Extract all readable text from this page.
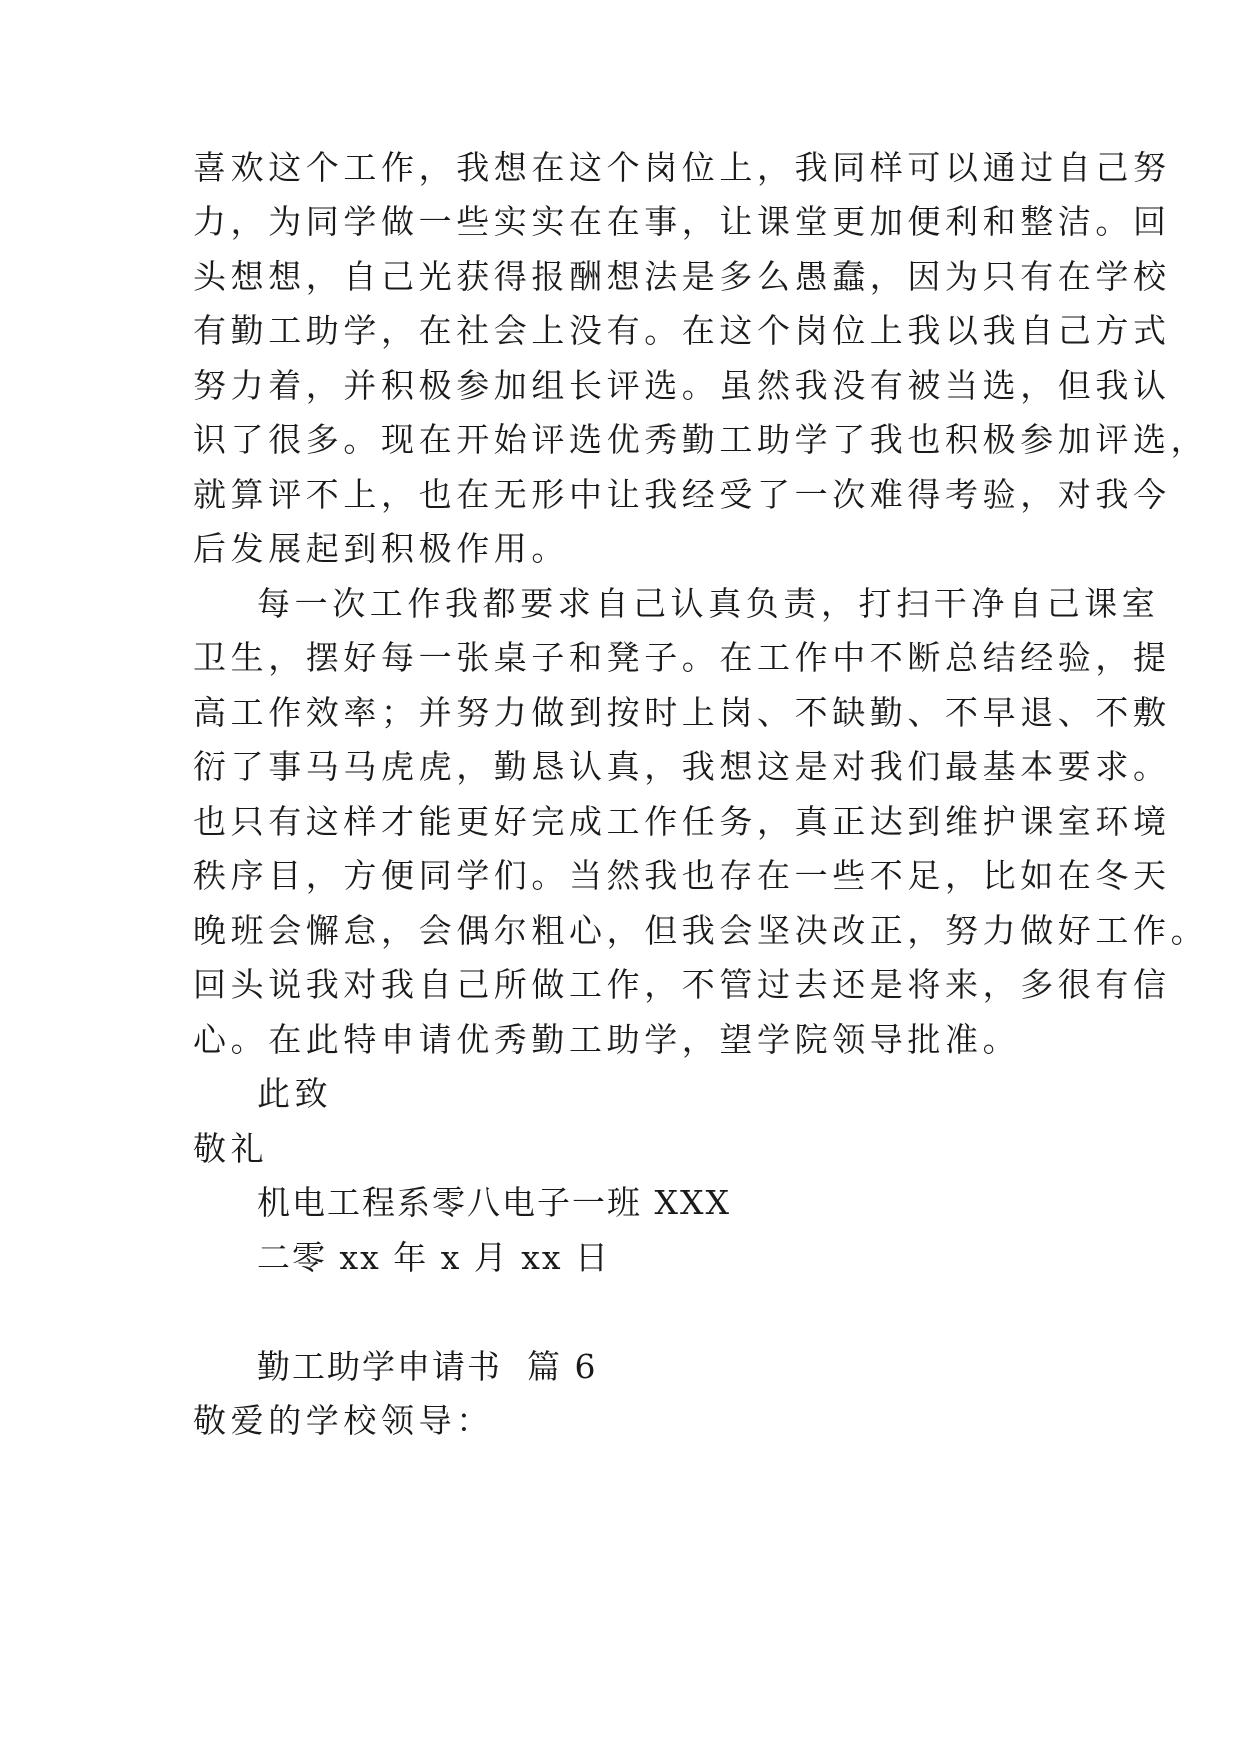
喜欢这个工作，我想在这个岗位上，我同样可以通过自己努
力，为同学做一些实实在在事，让课堂更加便利和整洁。回
头想想，自己光获得报酬想法是多么愚蠢，因为只有在学校
有勤工助学，在社会上没有。在这个岗位上我以我自己方式
努力着，并积极参加组长评选。虽然我没有被当选，但我认
识了很多。现在开始评选优秀勤工助学了我也积极参加评选，
就算评不上，也在无形中让我经受了一次难得考验，对我今
后发展起到积极作用。
每一次工作我都要求自己认真负责，打扫干净自己课室
卫生，摆好每一张桌子和凳子。在工作中不断总结经验，提
高工作效率；并努力做到按时上岗、不缺勤、不早退、不敷
衍了事马马虎虎，勤恳认真，我想这是对我们最基本要求。
也只有这样才能更好完成工作任务，真正达到维护课室环境
秩序目，方便同学们。当然我也存在一些不足，比如在冬天
晚班会懈怠，会偶尔粗心，但我会坚决改正，努力做好工作。
回头说我对我自己所做工作，不管过去还是将来，多很有信
心。在此特申请优秀勤工助学，望学院领导批准。
此致
敬礼
机电工程系零八电子一班 XXX
二零 xx 年 x 月 xx 日
勤工助学申请书  篇 6
敬爱的学校领导：
